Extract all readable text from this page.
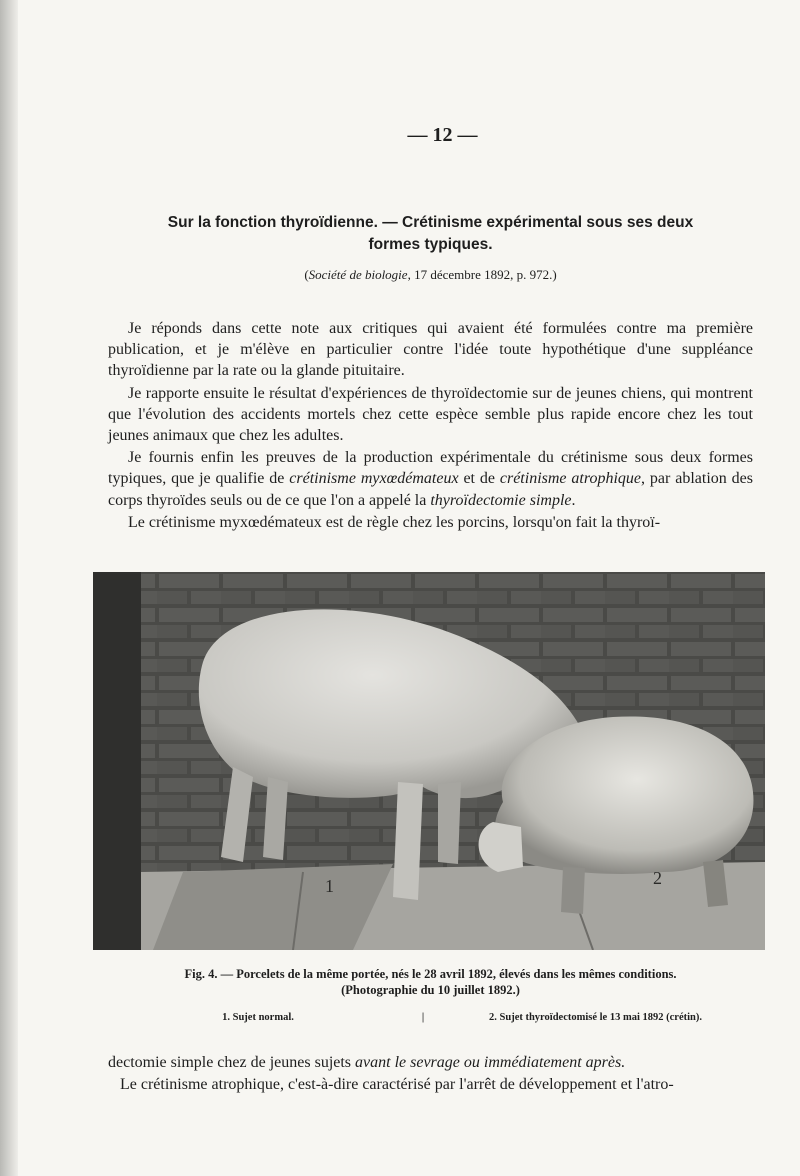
— 12 —
Sur la fonction thyroïdienne. — Crétinisme expérimental sous ses deux
formes typiques.
(Société de biologie, 17 décembre 1892, p. 972.)

Je réponds dans cette note aux critiques qui avaient été formulées contre ma première publication, et je m'élève en particulier contre l'idée toute hypothétique d'une suppléance thyroïdienne par la rate ou la glande pituitaire.

Je rapporte ensuite le résultat d'expériences de thyroïdectomie sur de jeunes chiens, qui montrent que l'évolution des accidents mortels chez cette espèce semble plus rapide encore chez les tout jeunes animaux que chez les adultes.

Je fournis enfin les preuves de la production expérimentale du crétinisme sous deux formes typiques, que je qualifie de crétinisme myxœdémateux et de crétinisme atrophique, par ablation des corps thyroïdes seuls ou de ce que l'on a appelé la thyroïdectomie simple.

Le crétinisme myxœdémateux est de règle chez les porcins, lorsqu'on fait la thyroï-

1	2
Fig. 4. — Porcelets de la même portée, nés le 28 avril 1892, élevés dans les mêmes conditions.
(Photographie du 10 juillet 1892.)
1. Sujet normal.	|	2. Sujet thyroïdectomisé le 13 mai 1892 (crétin).

dectomie simple chez de jeunes sujets avant le sevrage ou immédiatement après.

Le crétinisme atrophique, c'est-à-dire caractérisé par l'arrêt de développement et l'atro-
